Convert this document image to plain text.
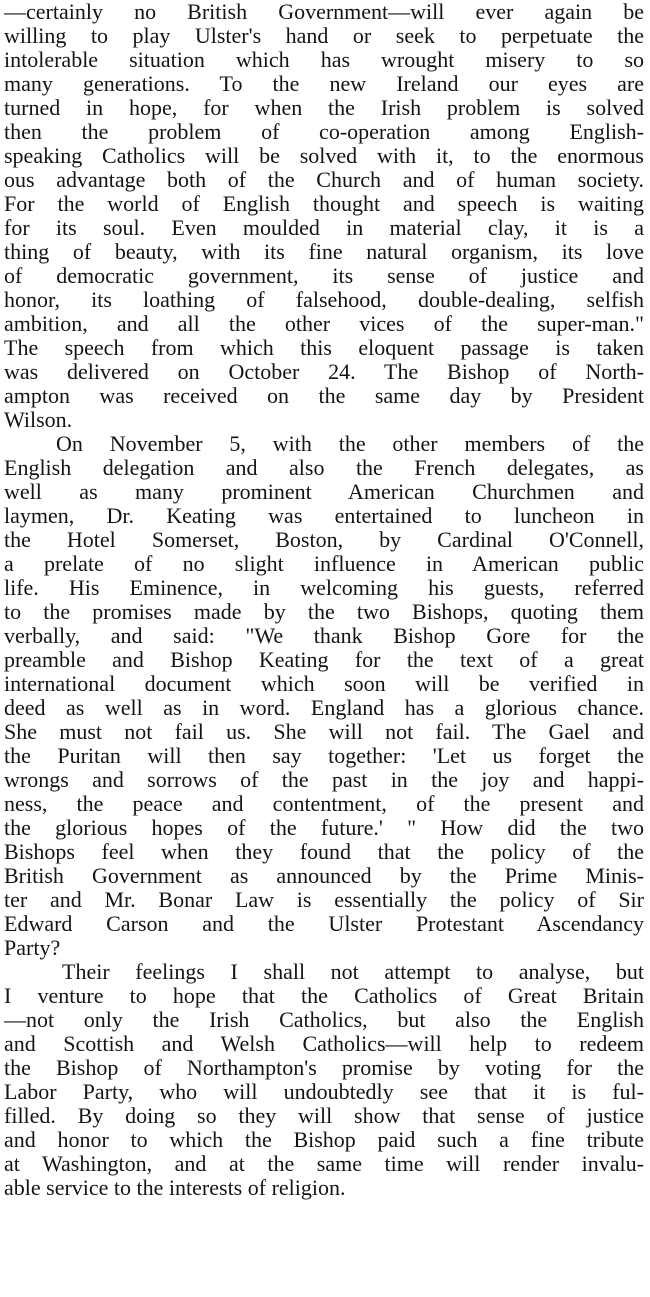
—certainly no British Government—will ever again be
willing to play Ulster's hand or seek to perpetuate the
intolerable situation which has wrought misery to so
many generations. To the new Ireland our eyes are
turned in hope, for when the Irish problem is solved
then the problem of co-operation among English-
speaking Catholics will be solved with it, to the enormous
ous advantage both of the Church and of human society.
For the world of English thought and speech is waiting
for its soul. Even moulded in material clay, it is a
thing of beauty, with its fine natural organism, its love
of democratic government, its sense of justice and
honor, its loathing of falsehood, double-dealing, selfish
ambition, and all the other vices of the super-man."
The speech from which this eloquent passage is taken
was delivered on October 24. The Bishop of North-
ampton was received on the same day by President
Wilson.
On November 5, with the other members of the
English delegation and also the French delegates, as
well as many prominent American Churchmen and
laymen, Dr. Keating was entertained to luncheon in
the Hotel Somerset, Boston, by Cardinal O'Connell,
a prelate of no slight influence in American public
life. His Eminence, in welcoming his guests, referred
to the promises made by the two Bishops, quoting them
verbally, and said: "We thank Bishop Gore for the
preamble and Bishop Keating for the text of a great
international document which soon will be verified in
deed as well as in word. England has a glorious chance.
She must not fail us. She will not fail. The Gael and
the Puritan will then say together: 'Let us forget the
wrongs and sorrows of the past in the joy and happi-
ness, the peace and contentment, of the present and
the glorious hopes of the future.' " How did the two
Bishops feel when they found that the policy of the
British Government as announced by the Prime Minis-
ter and Mr. Bonar Law is essentially the policy of Sir
Edward Carson and the Ulster Protestant Ascendancy
Party?
Their feelings I shall not attempt to analyse, but
I venture to hope that the Catholics of Great Britain
—not only the Irish Catholics, but also the English
and Scottish and Welsh Catholics—will help to redeem
the Bishop of Northampton's promise by voting for the
Labor Party, who will undoubtedly see that it is ful-
filled. By doing so they will show that sense of justice
and honor to which the Bishop paid such a fine tribute
at Washington, and at the same time will render invalu-
able service to the interests of religion.
